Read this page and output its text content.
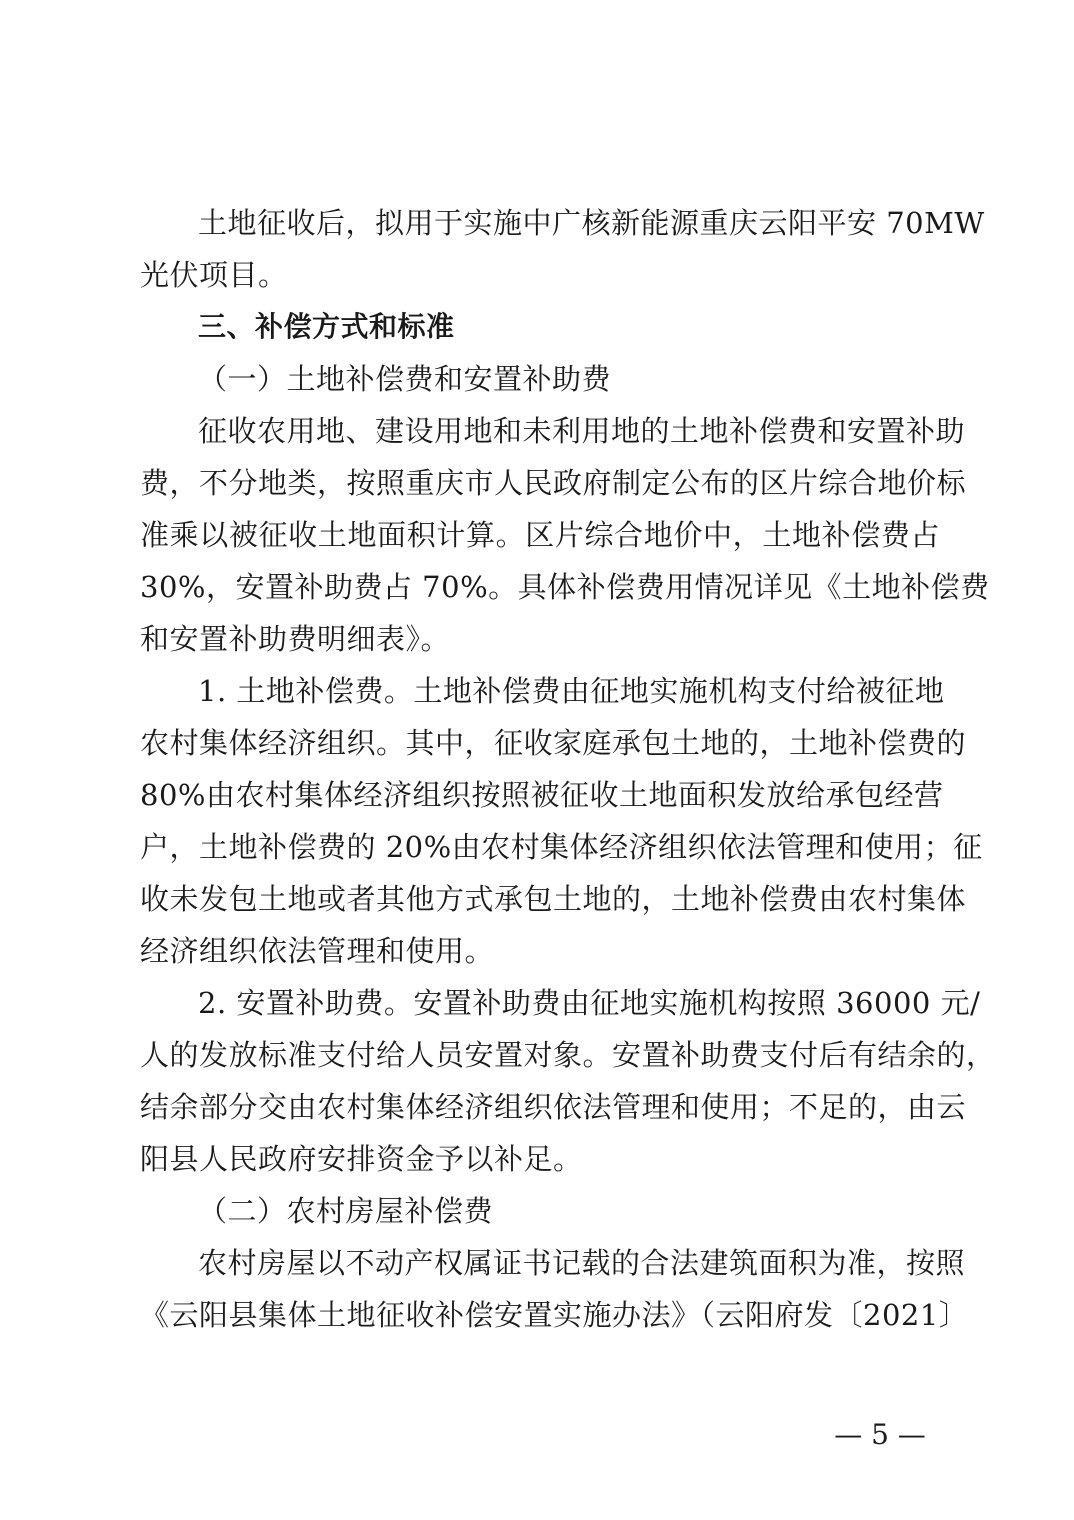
土地征收后，拟用于实施中广核新能源重庆云阳平安 70MW
光伏项目。
三、补偿方式和标准
（一）土地补偿费和安置补助费
征收农用地、建设用地和未利用地的土地补偿费和安置补助
费，不分地类，按照重庆市人民政府制定公布的区片综合地价标
准乘以被征收土地面积计算。区片综合地价中，土地补偿费占
30%，安置补助费占 70%。具体补偿费用情况详见《土地补偿费
和安置补助费明细表》。
1. 土地补偿费。土地补偿费由征地实施机构支付给被征地
农村集体经济组织。其中，征收家庭承包土地的，土地补偿费的
80%由农村集体经济组织按照被征收土地面积发放给承包经营
户，土地补偿费的 20%由农村集体经济组织依法管理和使用；征
收未发包土地或者其他方式承包土地的，土地补偿费由农村集体
经济组织依法管理和使用。
2. 安置补助费。安置补助费由征地实施机构按照 36000 元/
人的发放标准支付给人员安置对象。安置补助费支付后有结余的，
结余部分交由农村集体经济组织依法管理和使用；不足的，由云
阳县人民政府安排资金予以补足。
（二）农村房屋补偿费
农村房屋以不动产权属证书记载的合法建筑面积为准，按照
《云阳县集体土地征收补偿安置实施办法》（云阳府发〔2021〕
— 5 —
